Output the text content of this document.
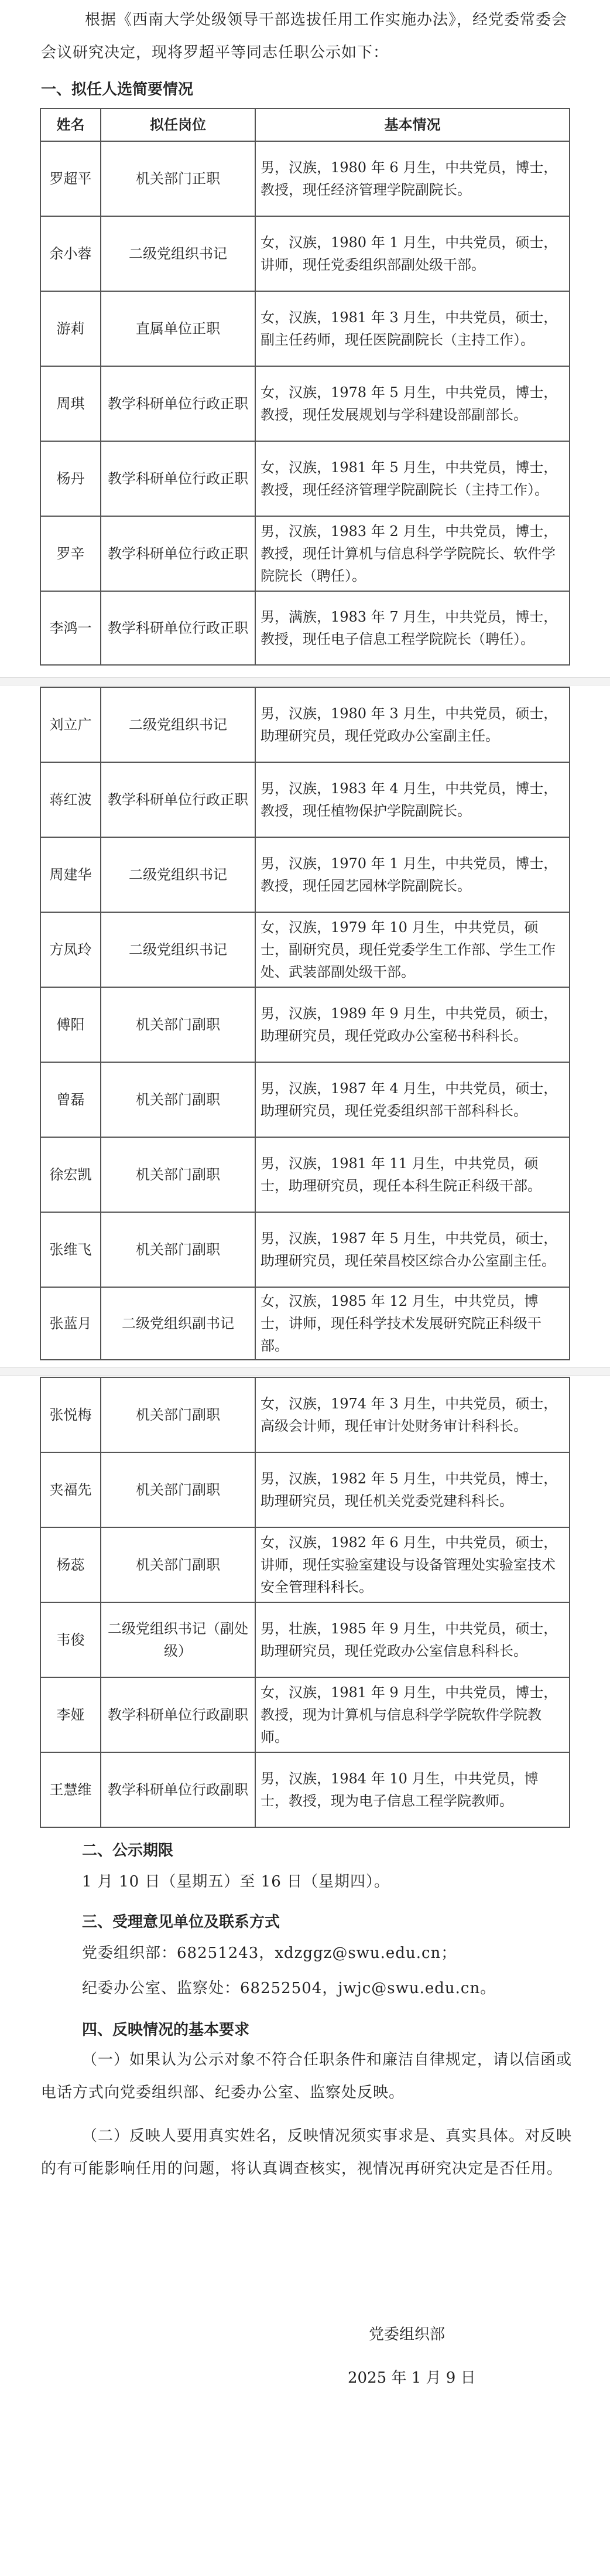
根据《西南大学处级领导干部选拔任用工作实施办法》，经党委常委会会议研究决定，现将罗超平等同志任职公示如下：
一、拟任人选简要情况
姓名	拟任岗位	基本情况
罗超平	机关部门正职	男，汉族，1980 年 6 月生，中共党员，博士，教授，现任经济管理学院副院长。
余小蓉	二级党组织书记	女，汉族，1980 年 1 月生，中共党员，硕士，讲师，现任党委组织部副处级干部。
游莉	直属单位正职	女，汉族，1981 年 3 月生，中共党员，硕士，副主任药师，现任医院副院长（主持工作）。
周琪	教学科研单位行政正职	女，汉族，1978 年 5 月生，中共党员，博士，教授，现任发展规划与学科建设部副部长。
杨丹	教学科研单位行政正职	女，汉族，1981 年 5 月生，中共党员，博士，教授，现任经济管理学院副院长（主持工作）。
罗辛	教学科研单位行政正职	男，汉族，1983 年 2 月生，中共党员，博士，教授，现任计算机与信息科学学院院长、软件学院院长（聘任）。
李鸿一	教学科研单位行政正职	男，满族，1983 年 7 月生，中共党员，博士，教授，现任电子信息工程学院院长（聘任）。
刘立广	二级党组织书记	男，汉族，1980 年 3 月生，中共党员，硕士，助理研究员，现任党政办公室副主任。
蒋红波	教学科研单位行政正职	男，汉族，1983 年 4 月生，中共党员，博士，教授，现任植物保护学院副院长。
周建华	二级党组织书记	男，汉族，1970 年 1 月生，中共党员，博士，教授，现任园艺园林学院副院长。
方凤玲	二级党组织书记	女，汉族，1979 年 10 月生，中共党员，硕士，副研究员，现任党委学生工作部、学生工作处、武装部副处级干部。
傅阳	机关部门副职	男，汉族，1989 年 9 月生，中共党员，硕士，助理研究员，现任党政办公室秘书科科长。
曾磊	机关部门副职	男，汉族，1987 年 4 月生，中共党员，硕士，助理研究员，现任党委组织部干部科科长。
徐宏凯	机关部门副职	男，汉族，1981 年 11 月生，中共党员，硕士，助理研究员，现任本科生院正科级干部。
张维飞	机关部门副职	男，汉族，1987 年 5 月生，中共党员，硕士，助理研究员，现任荣昌校区综合办公室副主任。
张蓝月	二级党组织副书记	女，汉族，1985 年 12 月生，中共党员，博士，讲师，现任科学技术发展研究院正科级干部。
张悦梅	机关部门副职	女，汉族，1974 年 3 月生，中共党员，硕士，高级会计师，现任审计处财务审计科科长。
夹福先	机关部门副职	男，汉族，1982 年 5 月生，中共党员，博士，助理研究员，现任机关党委党建科科长。
杨蕊	机关部门副职	女，汉族，1982 年 6 月生，中共党员，硕士，讲师，现任实验室建设与设备管理处实验室技术安全管理科科长。
韦俊	二级党组织书记（副处级）	男，壮族，1985 年 9 月生，中共党员，硕士，助理研究员，现任党政办公室信息科科长。
李娅	教学科研单位行政副职	女，汉族，1981 年 9 月生，中共党员，博士，教授，现为计算机与信息科学学院软件学院教师。
王慧维	教学科研单位行政副职	男，汉族，1984 年 10 月生，中共党员，博士，教授，现为电子信息工程学院教师。
二、公示期限
1 月 10 日（星期五）至 16 日（星期四）。
三、受理意见单位及联系方式
党委组织部：68251243，xdzggz@swu.edu.cn；
纪委办公室、监察处：68252504，jwjc@swu.edu.cn。
四、反映情况的基本要求
（一）如果认为公示对象不符合任职条件和廉洁自律规定，请以信函或电话方式向党委组织部、纪委办公室、监察处反映。
（二）反映人要用真实姓名，反映情况须实事求是、真实具体。对反映的有可能影响任用的问题，将认真调查核实，视情况再研究决定是否任用。
党委组织部
2025 年 1 月 9 日
